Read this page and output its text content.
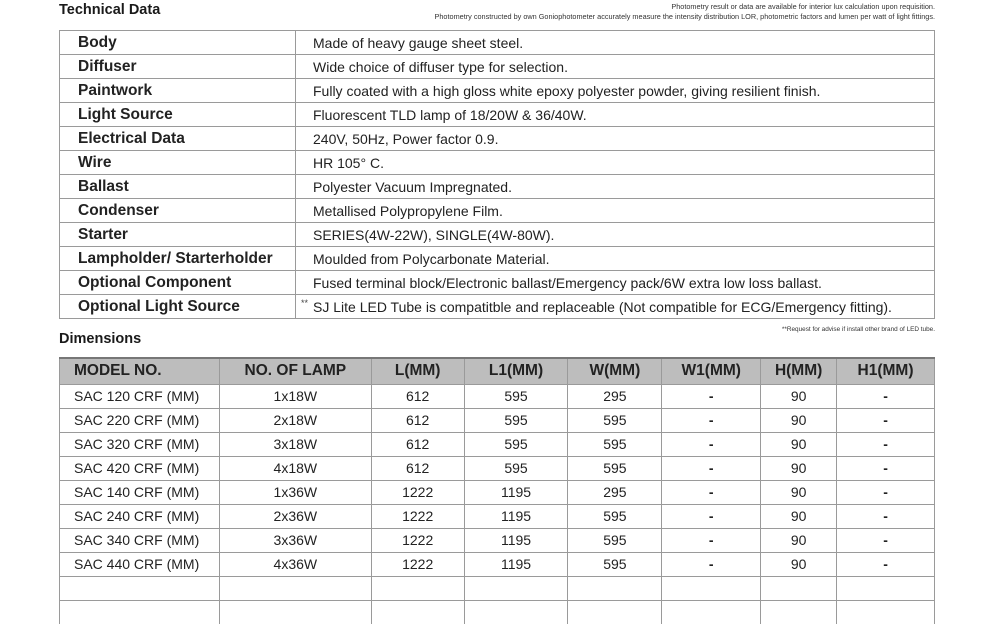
Technical Data	Photometry result or data are available for interior lux calculation upon requisition.
Photometry constructed by own Goniophotometer accurately measure the intensity distribution LOR, photometric factors and lumen per watt of light fittings.
Body	Made of heavy gauge sheet steel.
Diffuser	Wide choice of diffuser type for selection.
Paintwork	Fully coated with a high gloss white epoxy polyester powder, giving resilient finish.
Light Source	Fluorescent TLD lamp of 18/20W & 36/40W.
Electrical Data	240V, 50Hz, Power factor 0.9.
Wire	HR 105° C.
Ballast	Polyester Vacuum Impregnated.
Condenser	Metallised Polypropylene Film.
Starter	SERIES(4W-22W), SINGLE(4W-80W).
Lampholder/ Starterholder	Moulded from Polycarbonate Material.
Optional Component	Fused terminal block/Electronic ballast/Emergency pack/6W extra low loss ballast.
Optional Light Source	** SJ Lite LED Tube is compatitble and replaceable (Not compatible for ECG/Emergency fitting).
Dimensions
**Request for advise if install other brand of LED tube.
MODEL NO.	NO. OF LAMP	L(MM)	L1(MM)	W(MM)	W1(MM)	H(MM)	H1(MM)
SAC 120 CRF (MM)	1x18W	612	595	295	-	90	-
SAC 220 CRF (MM)	2x18W	612	595	595	-	90	-
SAC 320 CRF (MM)	3x18W	612	595	595	-	90	-
SAC 420 CRF (MM)	4x18W	612	595	595	-	90	-
SAC 140 CRF (MM)	1x36W	1222	1195	295	-	90	-
SAC 240 CRF (MM)	2x36W	1222	1195	595	-	90	-
SAC 340 CRF (MM)	3x36W	1222	1195	595	-	90	-
SAC 440 CRF (MM)	4x36W	1222	1195	595	-	90	-
